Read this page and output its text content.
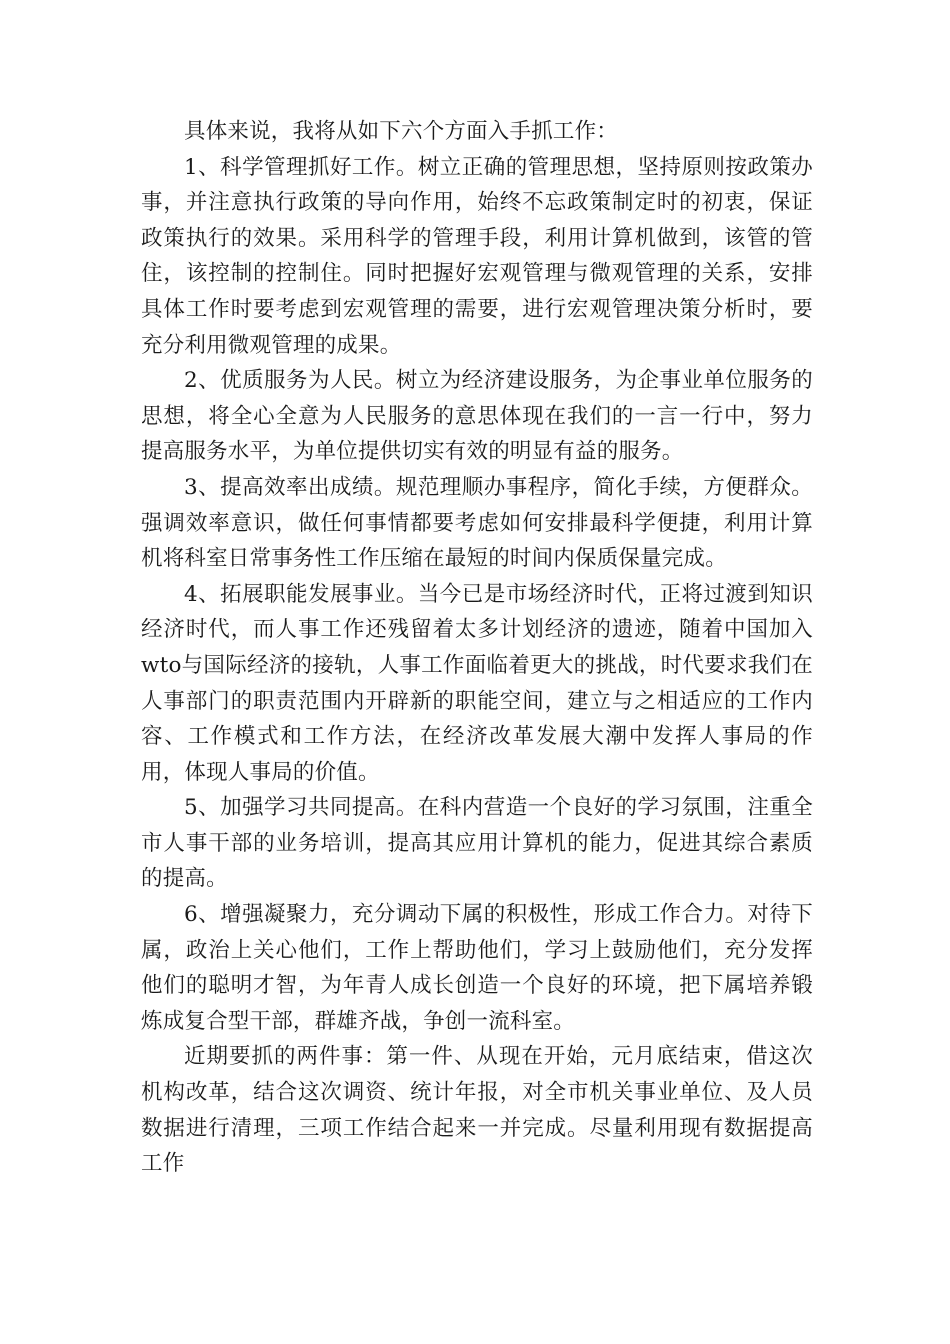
具体来说，我将从如下六个方面入手抓工作：

1、科学管理抓好工作。树立正确的管理思想，坚持原则按政策办事，并注意执行政策的导向作用，始终不忘政策制定时的初衷，保证政策执行的效果。采用科学的管理手段，利用计算机做到，该管的管住，该控制的控制住。同时把握好宏观管理与微观管理的关系，安排具体工作时要考虑到宏观管理的需要，进行宏观管理决策分析时，要充分利用微观管理的成果。

2、优质服务为人民。树立为经济建设服务，为企事业单位服务的思想，将全心全意为人民服务的意思体现在我们的一言一行中，努力提高服务水平，为单位提供切实有效的明显有益的服务。

3、提高效率出成绩。规范理顺办事程序，简化手续，方便群众。强调效率意识，做任何事情都要考虑如何安排最科学便捷，利用计算机将科室日常事务性工作压缩在最短的时间内保质保量完成。

4、拓展职能发展事业。当今已是市场经济时代，正将过渡到知识经济时代，而人事工作还残留着太多计划经济的遗迹，随着中国加入wto与国际经济的接轨，人事工作面临着更大的挑战，时代要求我们在人事部门的职责范围内开辟新的职能空间，建立与之相适应的工作内容、工作模式和工作方法，在经济改革发展大潮中发挥人事局的作用，体现人事局的价值。

5、加强学习共同提高。在科内营造一个良好的学习氛围，注重全市人事干部的业务培训，提高其应用计算机的能力，促进其综合素质的提高。

6、增强凝聚力，充分调动下属的积极性，形成工作合力。对待下属，政治上关心他们，工作上帮助他们，学习上鼓励他们，充分发挥他们的聪明才智，为年青人成长创造一个良好的环境，把下属培养锻炼成复合型干部，群雄齐战，争创一流科室。

近期要抓的两件事：第一件、从现在开始，元月底结束，借这次机构改革，结合这次调资、统计年报，对全市机关事业单位、及人员数据进行清理，三项工作结合起来一并完成。尽量利用现有数据提高工作
